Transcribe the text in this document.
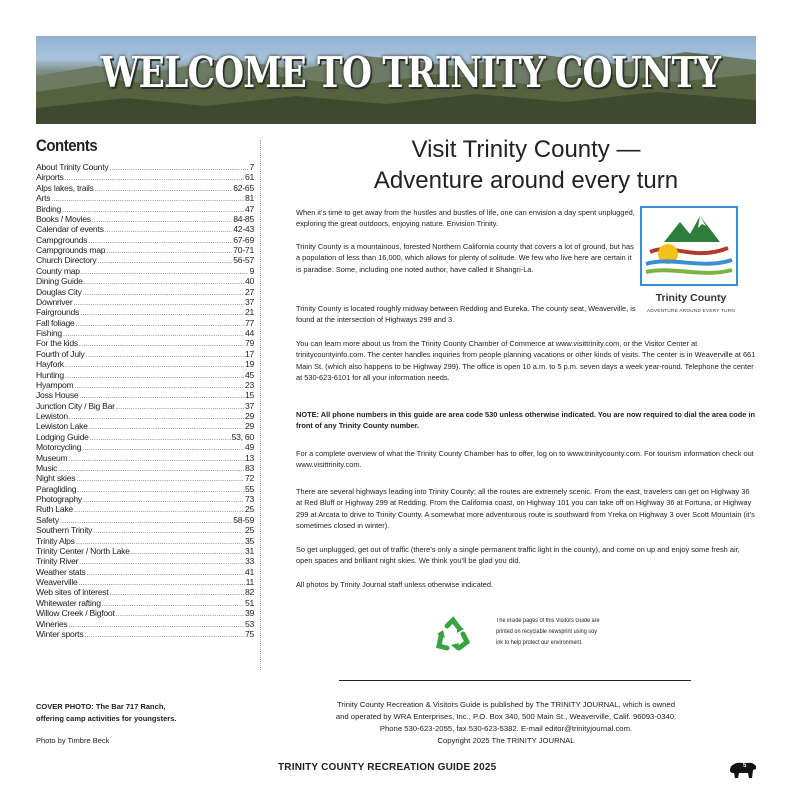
WELCOME TO TRINITY COUNTY
Contents
About Trinity County .....	7
Airports .....	61
Alps lakes, trails .....	62-65
Arts .....	81
Birding .....	47
Books / Movies .....	84-85
Calendar of events .....	42-43
Campgrounds .....	67-69
Campgrounds map .....	70-71
Church Directory .....	56-57
County map .....	9
Dining Guide .....	40
Douglas City .....	27
Downriver .....	37
Fairgrounds .....	21
Fall foliage .....	77
Fishing .....	44
For the kids .....	79
Fourth of July .....	17
Hayfork .....	19
Hunting .....	45
Hyampom .....	23
Joss House .....	15
Junction City / Big Bar .....	37
Lewiston .....	29
Lewiston Lake .....	29
Lodging Guide .....	53, 60
Motorcycling .....	49
Museum .....	13
Music .....	83
Night skies .....	72
Paragliding .....	55
Photography .....	73
Ruth Lake .....	25
Safety .....	58-59
Southern Trinity .....	25
Trinity Alps .....	35
Trinity Center / North Lake .....	31
Trinity River .....	33
Weather stats .....	41
Weaverville .....	11
Web sites of interest .....	82
Whitewater rafting .....	51
Willow Creek / Bigfoot .....	39
Wineries .....	53
Winter sports .....	75
Visit Trinity County —
Adventure around every turn
Trinity County
ADVENTURE AROUND EVERY TURN

When it’s time to get away from the hustles and bustles of life, one can envision a day spent unplugged, exploring the great outdoors, enjoying nature. Envision Trinity.

Trinity County is a mountainous, forested Northern California county that covers a lot of ground, but has a population of less than 16,000, which allows for plenty of solitude. We few who live here are certain it is paradise. Some, including one noted author, have called it Shangri-La.

Trinity County is located roughly midway between Redding and Eureka. The county seat, Weaverville, is found at the intersection of Highways 299 and 3.

You can learn more about us from the Trinity County Chamber of Commerce at www.visittrinity.com, or the Visitor Center at trinitycountyinfo.com. The center handles inquiries from people planning vacations or other kinds of visits. The center is in Weaverville at 661 Main St. (which also happens to be Highway 299). The office is open 10 a.m. to 5 p.m. seven days a week year-round. Telephone the center at 530-623-6101 for all your information needs.

NOTE: All phone numbers in this guide are area code 530 unless otherwise indicated. You are now required to dial the area code in front of any Trinity County number.

For a complete overview of what the Trinity County Chamber has to offer, log on to www.trinitycounty.com. For tourism information check out www.visittrinity.com.

There are several highways leading into Trinity County; all the routes are extremely scenic. From the east, travelers can get on Highway 36 at Red Bluff or Highway 299 at Redding. From the California coast, on Highway 101 you can take off on Highway 36 at Fortuna, or Highway 299 at Arcata to drive to Trinity County. A somewhat more adventurous route is southward from Yreka on Highway 3 over Scott Mountain (it’s sometimes closed in winter).

So get unplugged, get out of traffic (there’s only a single permanent traffic light in the county), and come on up and enjoy some fresh air, open spaces and brilliant night skies. We think you’ll be glad you did.

All photos by Trinity Journal staff unless otherwise indicated.

The inside pages of this Visitors Guide are
printed on recyclable newsprint using soy
ink to help protect our environment.
Trinity County Recreation & Visitors Guide is published by The TRINITY JOURNAL, which is owned
and operated by WRA Enterprises, Inc., P.O. Box 340, 500 Main St., Weaverville, Calif. 96093-0340.
Phone 530-623-2055, fax 530-623-5382. E-mail editor@trinityjournal.com.
Copyright 2025 The TRINITY JOURNAL
COVER PHOTO: The Bar 717 Ranch,
offering camp activities for youngsters.
Photo by Timbre Beck
TRINITY COUNTY RECREATION GUIDE 2025	5
